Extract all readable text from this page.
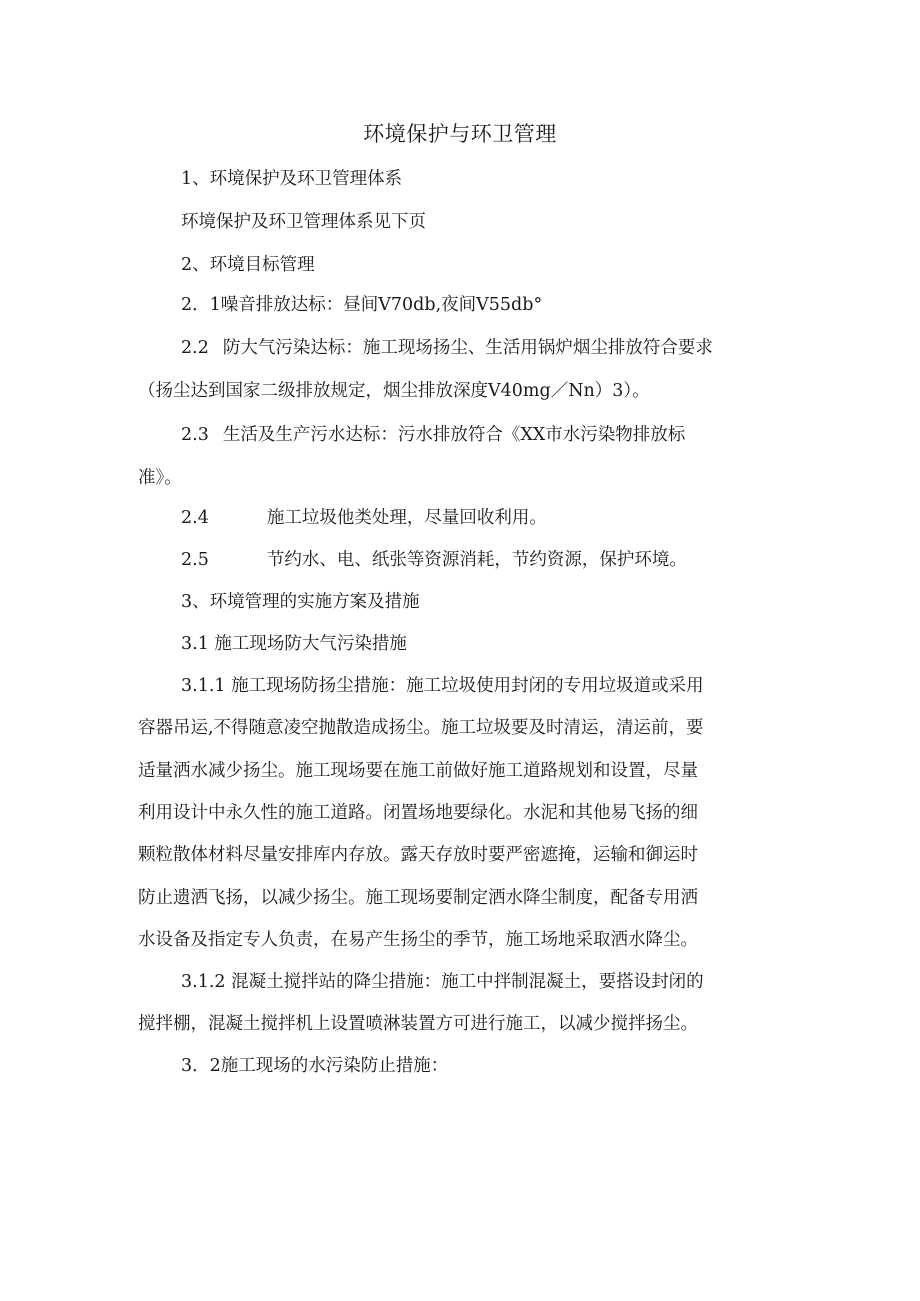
环境保护与环卫管理
1、环境保护及环卫管理体系
环境保护及环卫管理体系见下页
2、环境目标管理
2．1噪音排放达标：昼间V70db,夜间V55db°
2.2 防大气污染达标：施工现场扬尘、生活用锅炉烟尘排放符合要求
（扬尘达到国家二级排放规定，烟尘排放深度V40mg／Nn）3）。
2.3 生活及生产污水达标：污水排放符合《XX市水污染物排放标
准》。
2.4	施工垃圾他类处理，尽量回收利用。
2.5	节约水、电、纸张等资源消耗，节约资源，保护环境。
3、环境管理的实施方案及措施
3.1 施工现场防大气污染措施
3.1.1 施工现场防扬尘措施：施工垃圾使用封闭的专用垃圾道或采用
容器吊运,不得随意凌空抛散造成扬尘。施工垃圾要及时清运，清运前，要
适量洒水减少扬尘。施工现场要在施工前做好施工道路规划和设置，尽量
利用设计中永久性的施工道路。闭置场地要绿化。水泥和其他易飞扬的细
颗粒散体材料尽量安排库内存放。露天存放时要严密遮掩，运输和御运时
防止遗洒飞扬，以减少扬尘。施工现场要制定洒水降尘制度，配备专用洒
水设备及指定专人负责，在易产生扬尘的季节，施工场地采取洒水降尘。
3.1.2 混凝土搅拌站的降尘措施：施工中拌制混凝土，要搭设封闭的
搅拌棚，混凝土搅拌机上设置喷淋装置方可进行施工，以减少搅拌扬尘。
3．2施工现场的水污染防止措施：
